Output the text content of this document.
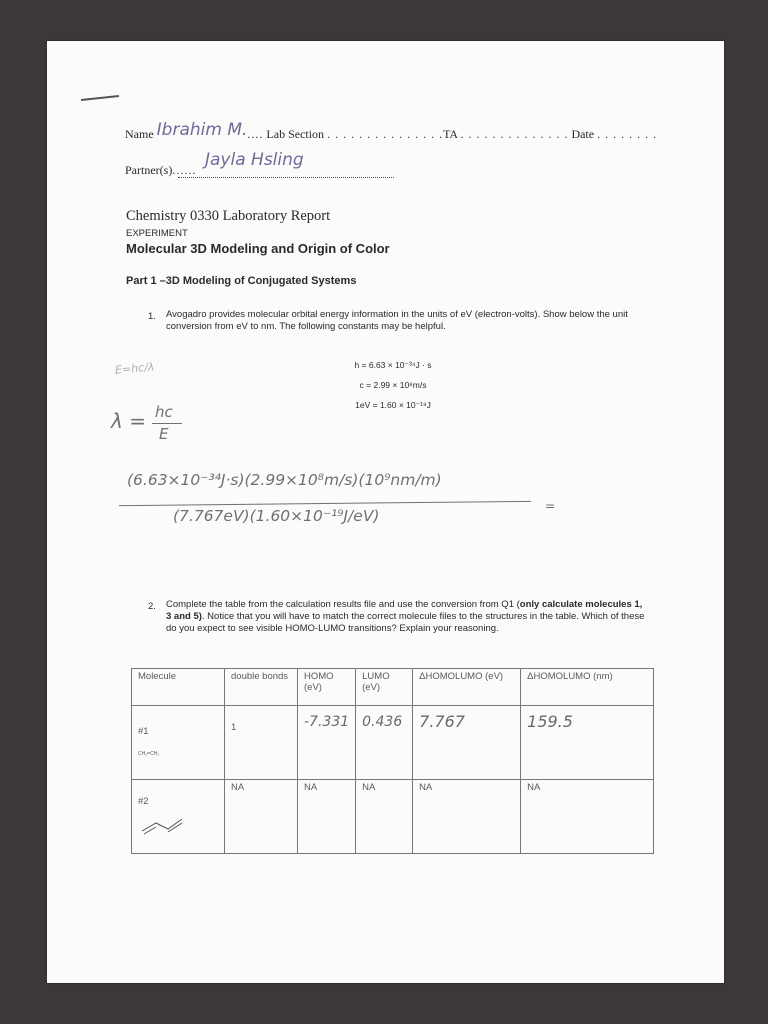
Name Ibrahim M..... Lab Section . . . . . . . . . . . . . . .TA . . . . . . . . . . . . . . Date . . . . . . . .
Partner(s)...... Jayla Hsling
Chemistry 0330 Laboratory Report
EXPERIMENT
Molecular 3D Modeling and Origin of Color
Part 1 –3D Modeling of Conjugated Systems
1. Avogadro provides molecular orbital energy information in the units of eV (electron-volts). Show below the unit conversion from eV to nm. The following constants may be helpful.
h = 6.63 × 10⁻³⁴J · s
c = 2.99 × 10⁸m/s
1eV = 1.60 × 10⁻¹⁹J
E=hc/λ
λ = hc
E
(6.63×10⁻³⁴J·s)(2.99×10⁸m/s)(10⁹nm/m)
(7.767eV)(1.60×10⁻¹⁹J/eV)
=
2. Complete the table from the calculation results file and use the conversion from Q1 (only calculate molecules 1, 3 and 5). Notice that you will have to match the correct molecule files to the structures in the table. Which of these do you expect to see visible HOMO-LUMO transitions? Explain your reasoning.
Molecule	double bonds	HOMO (eV)	LUMO (eV)	ΔHOMOLUMO (eV)	ΔHOMOLUMO (nm)

#1
CH₂=CH₂	1	-7.331	0.436	7.767	159.5

#2	NA	NA	NA	NA	NA
